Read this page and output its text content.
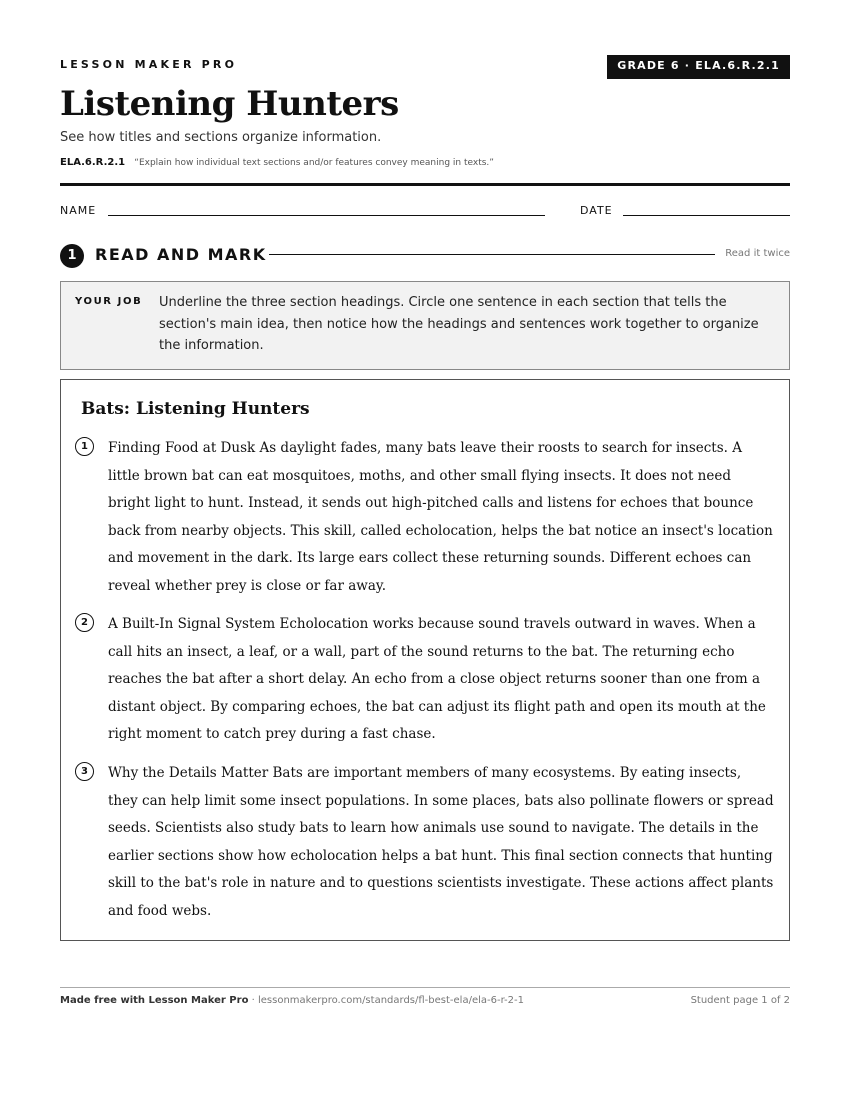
LESSON MAKER PRO	GRADE 6 · ELA.6.R.2.1
Listening Hunters
See how titles and sections organize information.
ELA.6.R.2.1 “Explain how individual text sections and/or features convey meaning in texts.”
NAME	DATE
1	READ AND MARK	Read it twice
YOUR JOB Underline the three section headings. Circle one sentence in each section that tells the section's main idea, then notice how the headings and sentences work together to organize the information.
Bats: Listening Hunters
1	Finding Food at Dusk As daylight fades, many bats leave their roosts to search for insects. A little brown bat can eat mosquitoes, moths, and other small flying insects. It does not need bright light to hunt. Instead, it sends out high-pitched calls and listens for echoes that bounce back from nearby objects. This skill, called echolocation, helps the bat notice an insect's location and movement in the dark. Its large ears collect these returning sounds. Different echoes can reveal whether prey is close or far away.

2	A Built-In Signal System Echolocation works because sound travels outward in waves. When a call hits an insect, a leaf, or a wall, part of the sound returns to the bat. The returning echo reaches the bat after a short delay. An echo from a close object returns sooner than one from a distant object. By comparing echoes, the bat can adjust its flight path and open its mouth at the right moment to catch prey during a fast chase.

3	Why the Details Matter Bats are important members of many ecosystems. By eating insects, they can help limit some insect populations. In some places, bats also pollinate flowers or spread seeds. Scientists also study bats to learn how animals use sound to navigate. The details in the earlier sections show how echolocation helps a bat hunt. This final section connects that hunting skill to the bat's role in nature and to questions scientists investigate. These actions affect plants and food webs.

Made free with Lesson Maker Pro · lessonmakerpro.com/standards/fl-best-ela/ela-6-r-2-1	Student page 1 of 2
